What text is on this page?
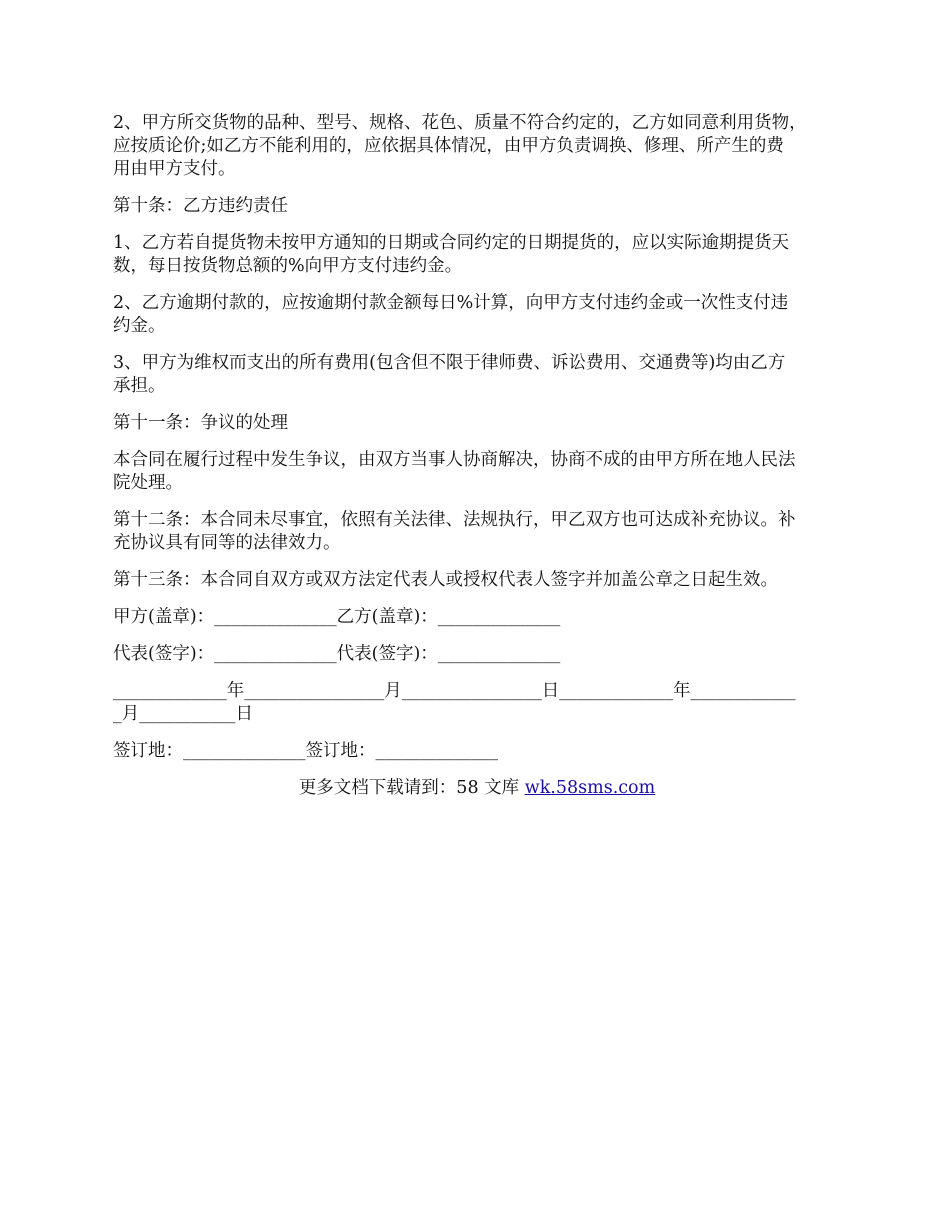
2、甲方所交货物的品种、型号、规格、花色、质量不符合约定的，乙方如同意利用货物，
应按质论价;如乙方不能利用的，应依据具体情况，由甲方负责调换、修理、所产生的费
用由甲方支付。
第十条：乙方违约责任
1、乙方若自提货物未按甲方通知的日期或合同约定的日期提货的，应以实际逾期提货天
数，每日按货物总额的%向甲方支付违约金。
2、乙方逾期付款的，应按逾期付款金额每日%计算，向甲方支付违约金或一次性支付违
约金。
3、甲方为维权而支出的所有费用(包含但不限于律师费、诉讼费用、交通费等)均由乙方
承担。
第十一条：争议的处理
本合同在履行过程中发生争议，由双方当事人协商解决，协商不成的由甲方所在地人民法
院处理。
第十二条：本合同未尽事宜，依照有关法律、法规执行，甲乙双方也可达成补充协议。补
充协议具有同等的法律效力。
第十三条：本合同自双方或双方法定代表人或授权代表人签字并加盖公章之日起生效。
甲方(盖章)：______________乙方(盖章)：______________
代表(签字)：______________代表(签字)：______________
_____________年________________月________________日_____________年____________
_月___________日
签订地：______________签订地：______________
更多文档下载请到：58 文库 wk.58sms.com
